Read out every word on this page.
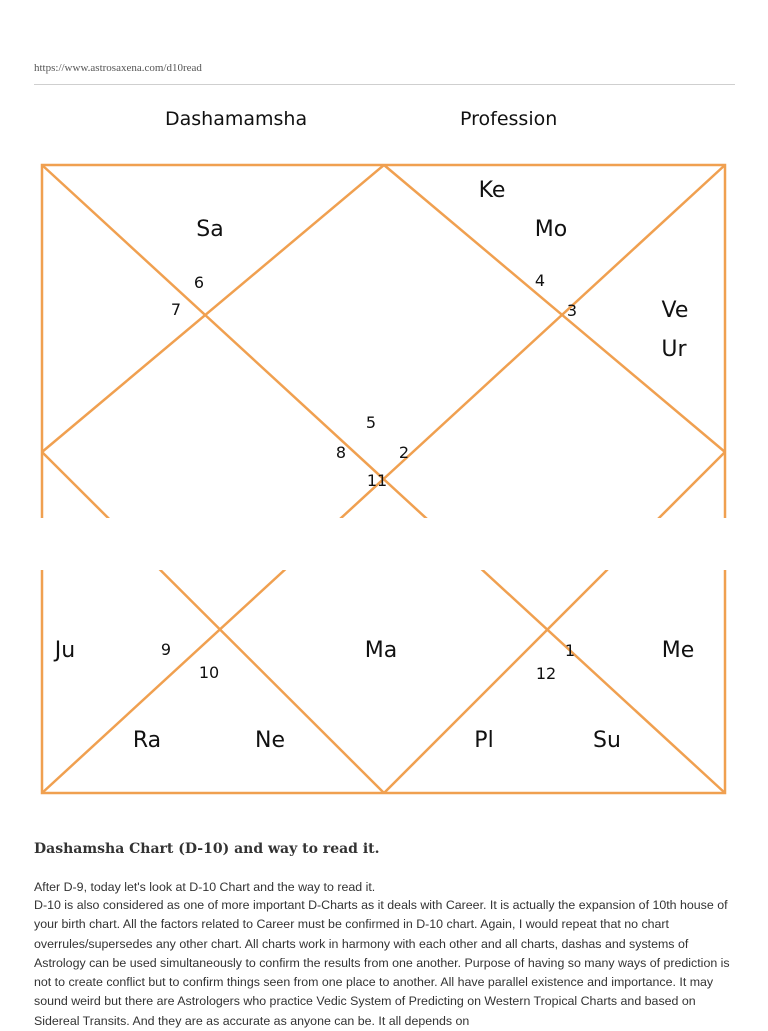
https://www.astrosaxena.com/d10read
Dashamamsha	Profession
Sa
Ke
Mo
Ve
Ur
Ju	Ma	Me
Ra	Ne	Pl	Su
6
7
4
3
5
8	2
11
9
10
1
12
Dashamsha Chart (D-10) and way to read it.
After D-9, today let's look at D-10 Chart and the way to read it.
D-10 is also considered as one of more important D-Charts as it deals with Career. It is actually the expansion of 10th house of your birth chart. All the factors related to Career must be confirmed in D-10 chart. Again, I would repeat that no chart overrules/supersedes any other chart. All charts work in harmony with each other and all charts, dashas and systems of Astrology can be used simultaneously to confirm the results from one another. Purpose of having so many ways of prediction is not to create conflict but to confirm things seen from one place to another. All have parallel existence and importance. It may sound weird but there are Astrologers who practice Vedic System of Predicting on Western Tropical Charts and based on Sidereal Transits. And they are as accurate as anyone can be. It all depends on
